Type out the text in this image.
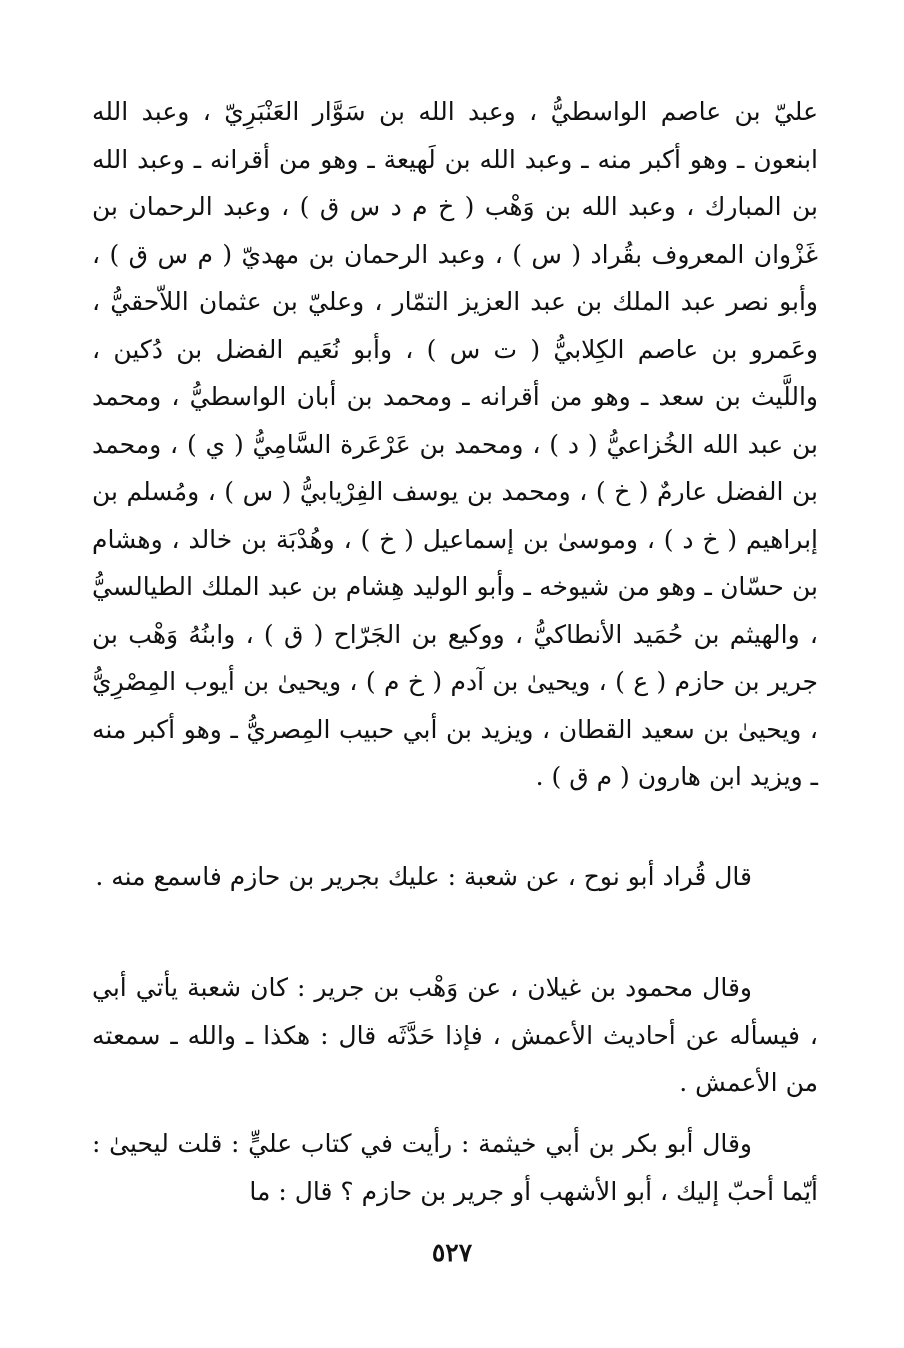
عليّ بن عاصم الواسطيُّ ، وعبد الله بن سَوَّار العَنْبَرِيّ ، وعبد الله ابنعون ـ وهو أكبر منه ـ وعبد الله بن لَهيعة ـ وهو من أقرانه ـ وعبد الله بن المبارك ، وعبد الله بن وَهْب ( خ م د س ق ) ، وعبد الرحمان بن غَزْوان المعروف بقُراد ( س ) ، وعبد الرحمان بن مهديّ ( م س ق ) ، وأبو نصر عبد الملك بن عبد العزيز التمّار ، وعليّ بن عثمان اللاّحقيُّ ، وعَمرو بن عاصم الكِلابيُّ ( ت س ) ، وأبو نُعَيم الفضل بن دُكين ، واللَّيث بن سعد ـ وهو من أقرانه ـ ومحمد بن أبان الواسطيُّ ، ومحمد بن عبد الله الخُزاعيُّ ( د ) ، ومحمد بن عَرْعَرة السَّامِيُّ ( ي ) ، ومحمد بن الفضل عارمٌ ( خ ) ، ومحمد بن يوسف الفِرْيابيُّ ( س ) ، ومُسلم بن إبراهيم ( خ د ) ، وموسىٰ بن إسماعيل ( خ ) ، وهُدْبَة بن خالد ، وهشام بن حسّان ـ وهو من شيوخه ـ وأبو الوليد هِشام بن عبد الملك الطيالسيُّ ، والهيثم بن حُمَيد الأنطاكيُّ ، ووكيع بن الجَرّاح ( ق ) ، وابنُهُ وَهْب بن جرير بن حازم ( ع ) ، ويحيىٰ بن آدم ( خ م ) ، ويحيىٰ بن أيوب المِصْرِيُّ ، ويحيىٰ بن سعيد القطان ، ويزيد بن أبي حبيب المِصريُّ ـ وهو أكبر منه ـ ويزيد ابن هارون ( م ق ) .

قال قُراد أبو نوح ، عن شعبة : عليك بجرير بن حازم فاسمع منه .

وقال محمود بن غيلان ، عن وَهْب بن جرير : كان شعبة يأتي أبي ، فيسأله عن أحاديث الأعمش ، فإذا حَدَّثَه قال : هكذا ـ والله ـ سمعته من الأعمش .

وقال أبو بكر بن أبي خيثمة : رأيت في كتاب عليٍّ : قلت ليحيىٰ : أيّما أحبّ إليك ، أبو الأشهب أو جرير بن حازم ؟ قال : ما

٥٢٧
